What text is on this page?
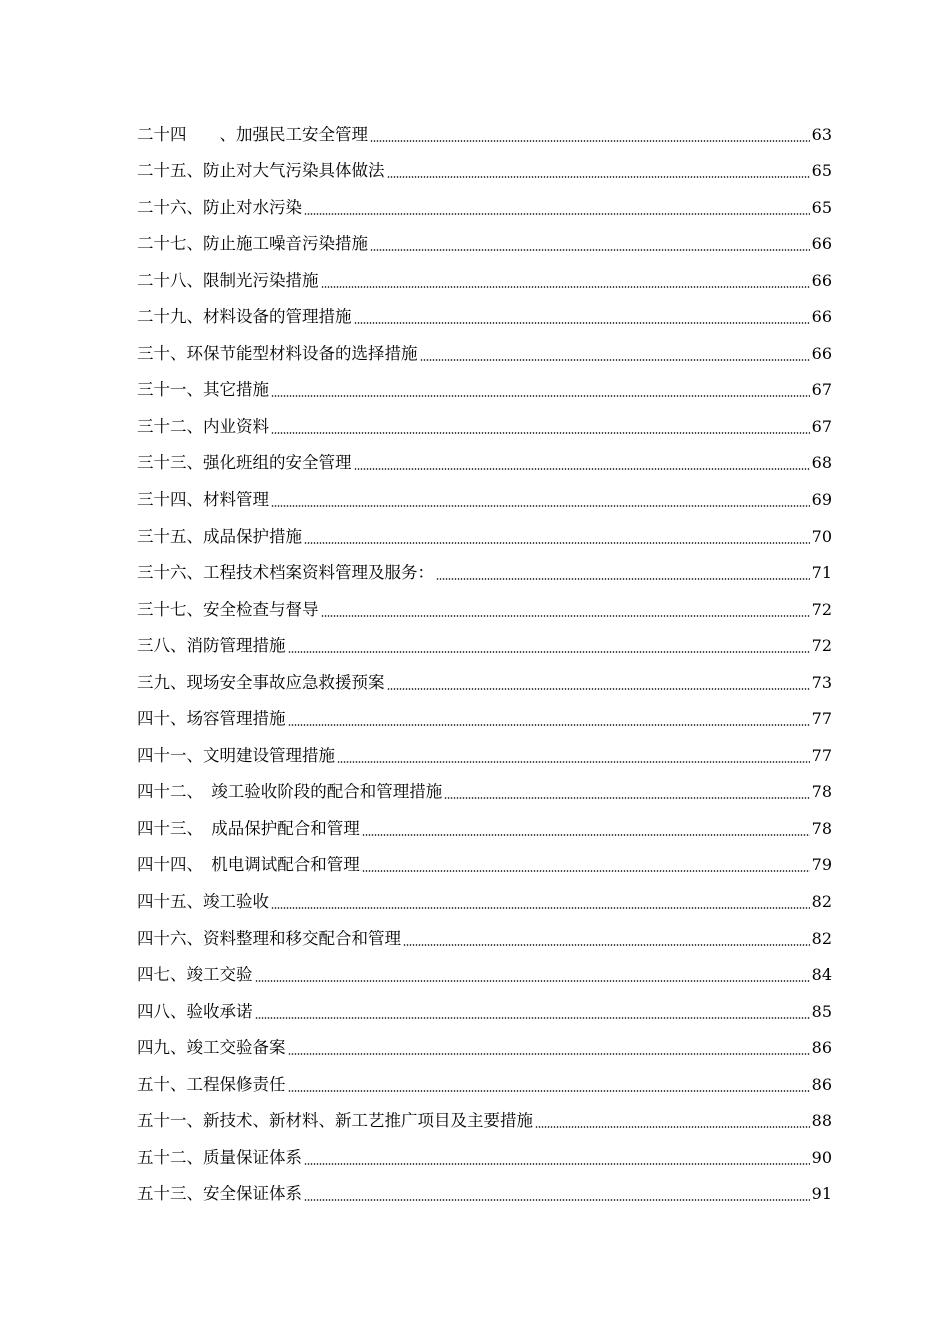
二十四　　、加强民工安全管理	63
二十五、防止对大气污染具体做法	65
二十六、防止对水污染	65
二十七、防止施工噪音污染措施	66
二十八、限制光污染措施	66
二十九、材料设备的管理措施	66
三十、环保节能型材料设备的选择措施	66
三十一、其它措施	67
三十二、内业资料	67
三十三、强化班组的安全管理	68
三十四、材料管理	69
三十五、成品保护措施	70
三十六、工程技术档案资料管理及服务：	71
三十七、安全检查与督导	72
三八、消防管理措施	72
三九、现场安全事故应急救援预案	73
四十、场容管理措施	77
四十一、文明建设管理措施	77
四十二、　竣工验收阶段的配合和管理措施	78
四十三、　成品保护配合和管理	78
四十四、　机电调试配合和管理	79
四十五、竣工验收	82
四十六、资料整理和移交配合和管理	82
四七、竣工交验	84
四八、验收承诺	85
四九、竣工交验备案	86
五十、工程保修责任	86
五十一、新技术、新材料、新工艺推广项目及主要措施	88
五十二、质量保证体系	90
五十三、安全保证体系	91
